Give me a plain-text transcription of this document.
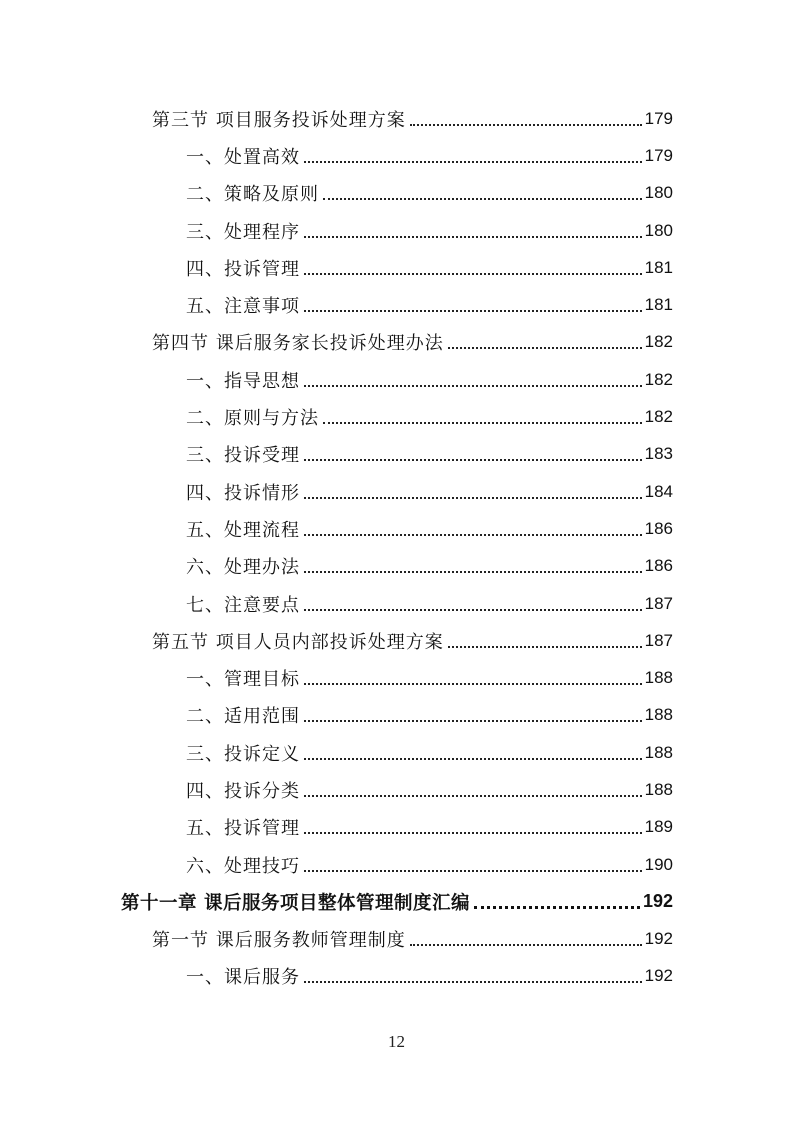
第三节 项目服务投诉处理方案	179
一、处置高效	179
二、策略及原则	180
三、处理程序	180
四、投诉管理	181
五、注意事项	181
第四节 课后服务家长投诉处理办法	182
一、指导思想	182
二、原则与方法	182
三、投诉受理	183
四、投诉情形	184
五、处理流程	186
六、处理办法	186
七、注意要点	187
第五节 项目人员内部投诉处理方案	187
一、管理目标	188
二、适用范围	188
三、投诉定义	188
四、投诉分类	188
五、投诉管理	189
六、处理技巧	190
第十一章 课后服务项目整体管理制度汇编	192
第一节 课后服务教师管理制度	192
一、课后服务	192
12
